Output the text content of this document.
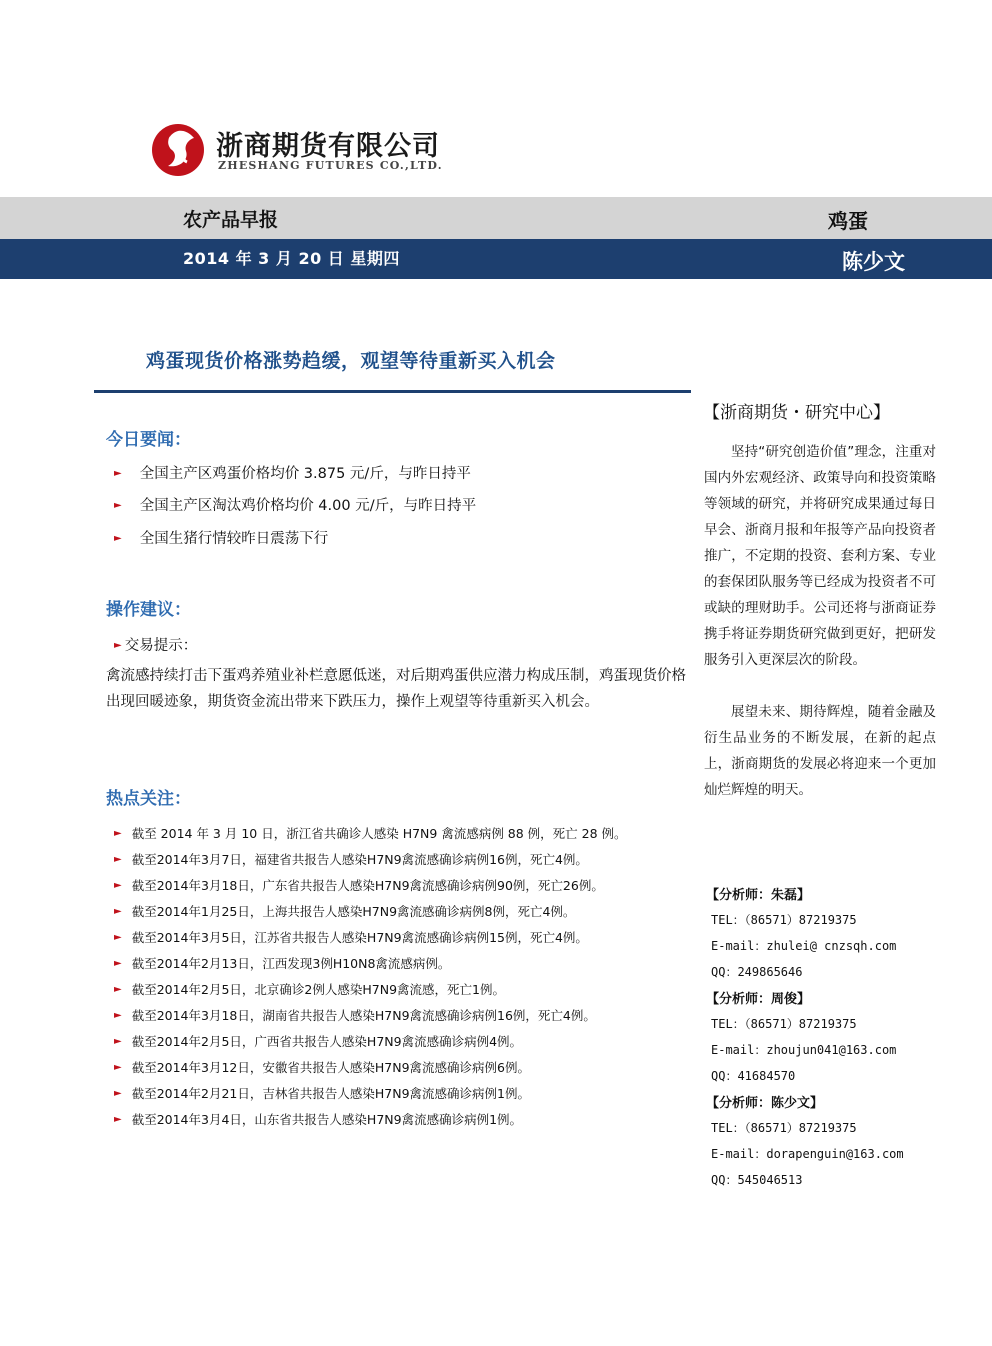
浙商期货有限公司
ZHESHANG FUTURES CO.,LTD.
农产品早报	鸡蛋
2014 年 3 月 20 日 星期四	陈少文
鸡蛋现货价格涨势趋缓，观望等待重新买入机会
今日要闻：
► 全国主产区鸡蛋价格均价 3.875 元/斤，与昨日持平
► 全国主产区淘汰鸡价格均价 4.00 元/斤，与昨日持平
► 全国生猪行情较昨日震荡下行
操作建议：
► 交易提示：
禽流感持续打击下蛋鸡养殖业补栏意愿低迷，对后期鸡蛋供应潜力构成压制，鸡蛋现货价格出现回暖迹象，期货资金流出带来下跌压力，操作上观望等待重新买入机会。
热点关注：
► 截至 2014 年 3 月 10 日，浙江省共确诊人感染 H7N9 禽流感病例 88 例，死亡 28 例。
► 截至2014年3月7日，福建省共报告人感染H7N9禽流感确诊病例16例，死亡4例。
► 截至2014年3月18日，广东省共报告人感染H7N9禽流感确诊病例90例，死亡26例。
► 截至2014年1月25日，上海共报告人感染H7N9禽流感确诊病例8例，死亡4例。
► 截至2014年3月5日，江苏省共报告人感染H7N9禽流感确诊病例15例，死亡4例。
► 截至2014年2月13日，江西发现3例H10N8禽流感病例。
► 截至2014年2月5日，北京确诊2例人感染H7N9禽流感，死亡1例。
► 截至2014年3月18日，湖南省共报告人感染H7N9禽流感确诊病例16例，死亡4例。
► 截至2014年2月5日，广西省共报告人感染H7N9禽流感确诊病例4例。
► 截至2014年3月12日，安徽省共报告人感染H7N9禽流感确诊病例6例。
► 截至2014年2月21日，吉林省共报告人感染H7N9禽流感确诊病例1例。
► 截至2014年3月4日，山东省共报告人感染H7N9禽流感确诊病例1例。
【浙商期货・研究中心】
坚持“研究创造价值”理念，注重对国内外宏观经济、政策导向和投资策略等领域的研究，并将研究成果通过每日早会、浙商月报和年报等产品向投资者推广，不定期的投资、套利方案、专业的套保团队服务等已经成为投资者不可或缺的理财助手。公司还将与浙商证券携手将证券期货研究做到更好，把研发服务引入更深层次的阶段。
展望未来、期待辉煌，随着金融及衍生品业务的不断发展，在新的起点上，浙商期货的发展必将迎来一个更加灿烂辉煌的明天。
【分析师：朱磊】
TEL：（86571）87219375
E-mail：zhulei@ cnzsqh.com
QQ：249865646
【分析师：周俊】
TEL：（86571）87219375
E-mail：zhoujun041@163.com
QQ：41684570
【分析师：陈少文】
TEL：（86571）87219375
E-mail：dorapenguin@163.com
QQ：545046513
